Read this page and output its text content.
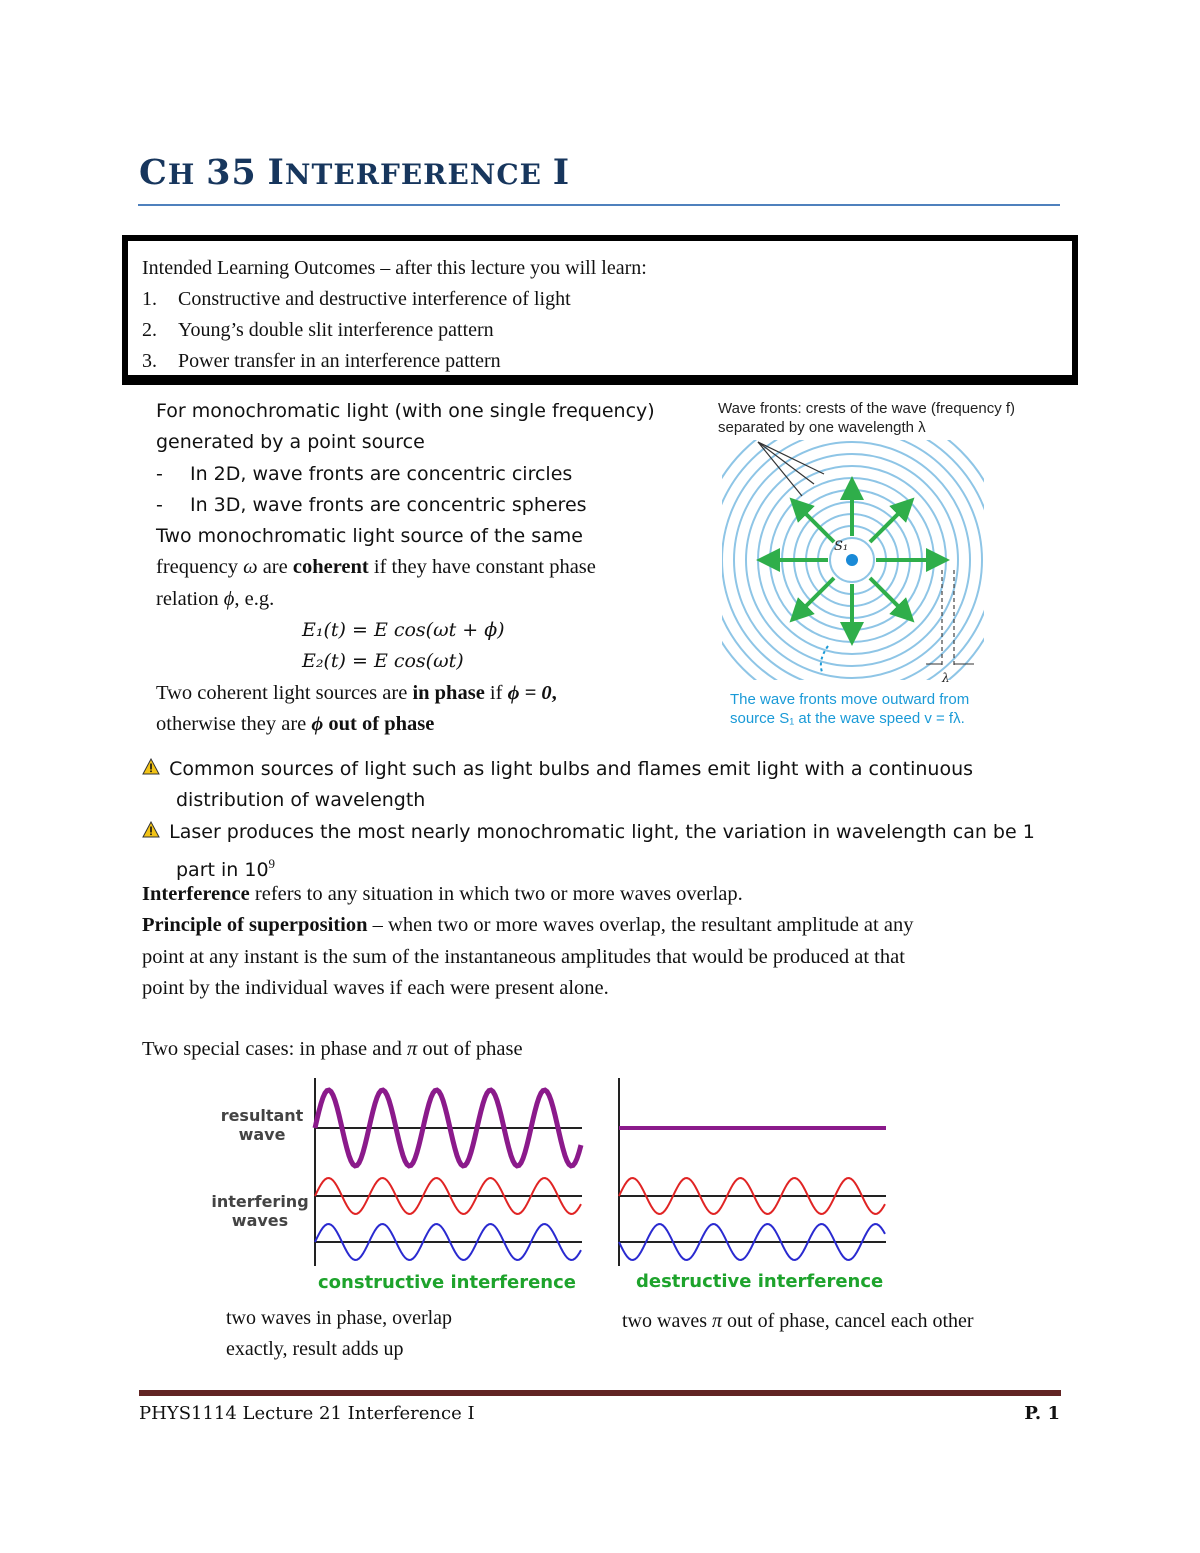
CH 35 INTERFERENCE I
Intended Learning Outcomes – after this lecture you will learn:
1. Constructive and destructive interference of light
2. Young’s double slit interference pattern
3. Power transfer in an interference pattern
For monochromatic light (with one single frequency)
generated by a point source
- In 2D, wave fronts are concentric circles
- In 3D, wave fronts are concentric spheres
Two monochromatic light source of the same
frequency ω are coherent if they have constant phase
relation ϕ, e.g.
E₁(t) = E cos(ωt + ϕ)
E₂(t) = E cos(ωt)
Two coherent light sources are in phase if ϕ = 0,
otherwise they are ϕ out of phase
Wave fronts: crests of the wave (frequency f)
separated by one wavelength λ
S₁
λ
The wave fronts move outward from
source S₁ at the wave speed v = fλ.
Common sources of light such as light bulbs and flames emit light with a continuous
distribution of wavelength
Laser produces the most nearly monochromatic light, the variation in wavelength can be 1
part in $10^9$
Interference refers to any situation in which two or more waves overlap.
Principle of superposition – when two or more waves overlap, the resultant amplitude at any
point at any instant is the sum of the instantaneous amplitudes that would be produced at that
point by the individual waves if each were present alone.
Two special cases: in phase and π out of phase
resultant
wave
interfering
waves
constructive interference	destructive interference
two waves in phase, overlap
exactly, result adds up
two waves π out of phase, cancel each other
PHYS1114 Lecture 21 Interference I	P. 1
